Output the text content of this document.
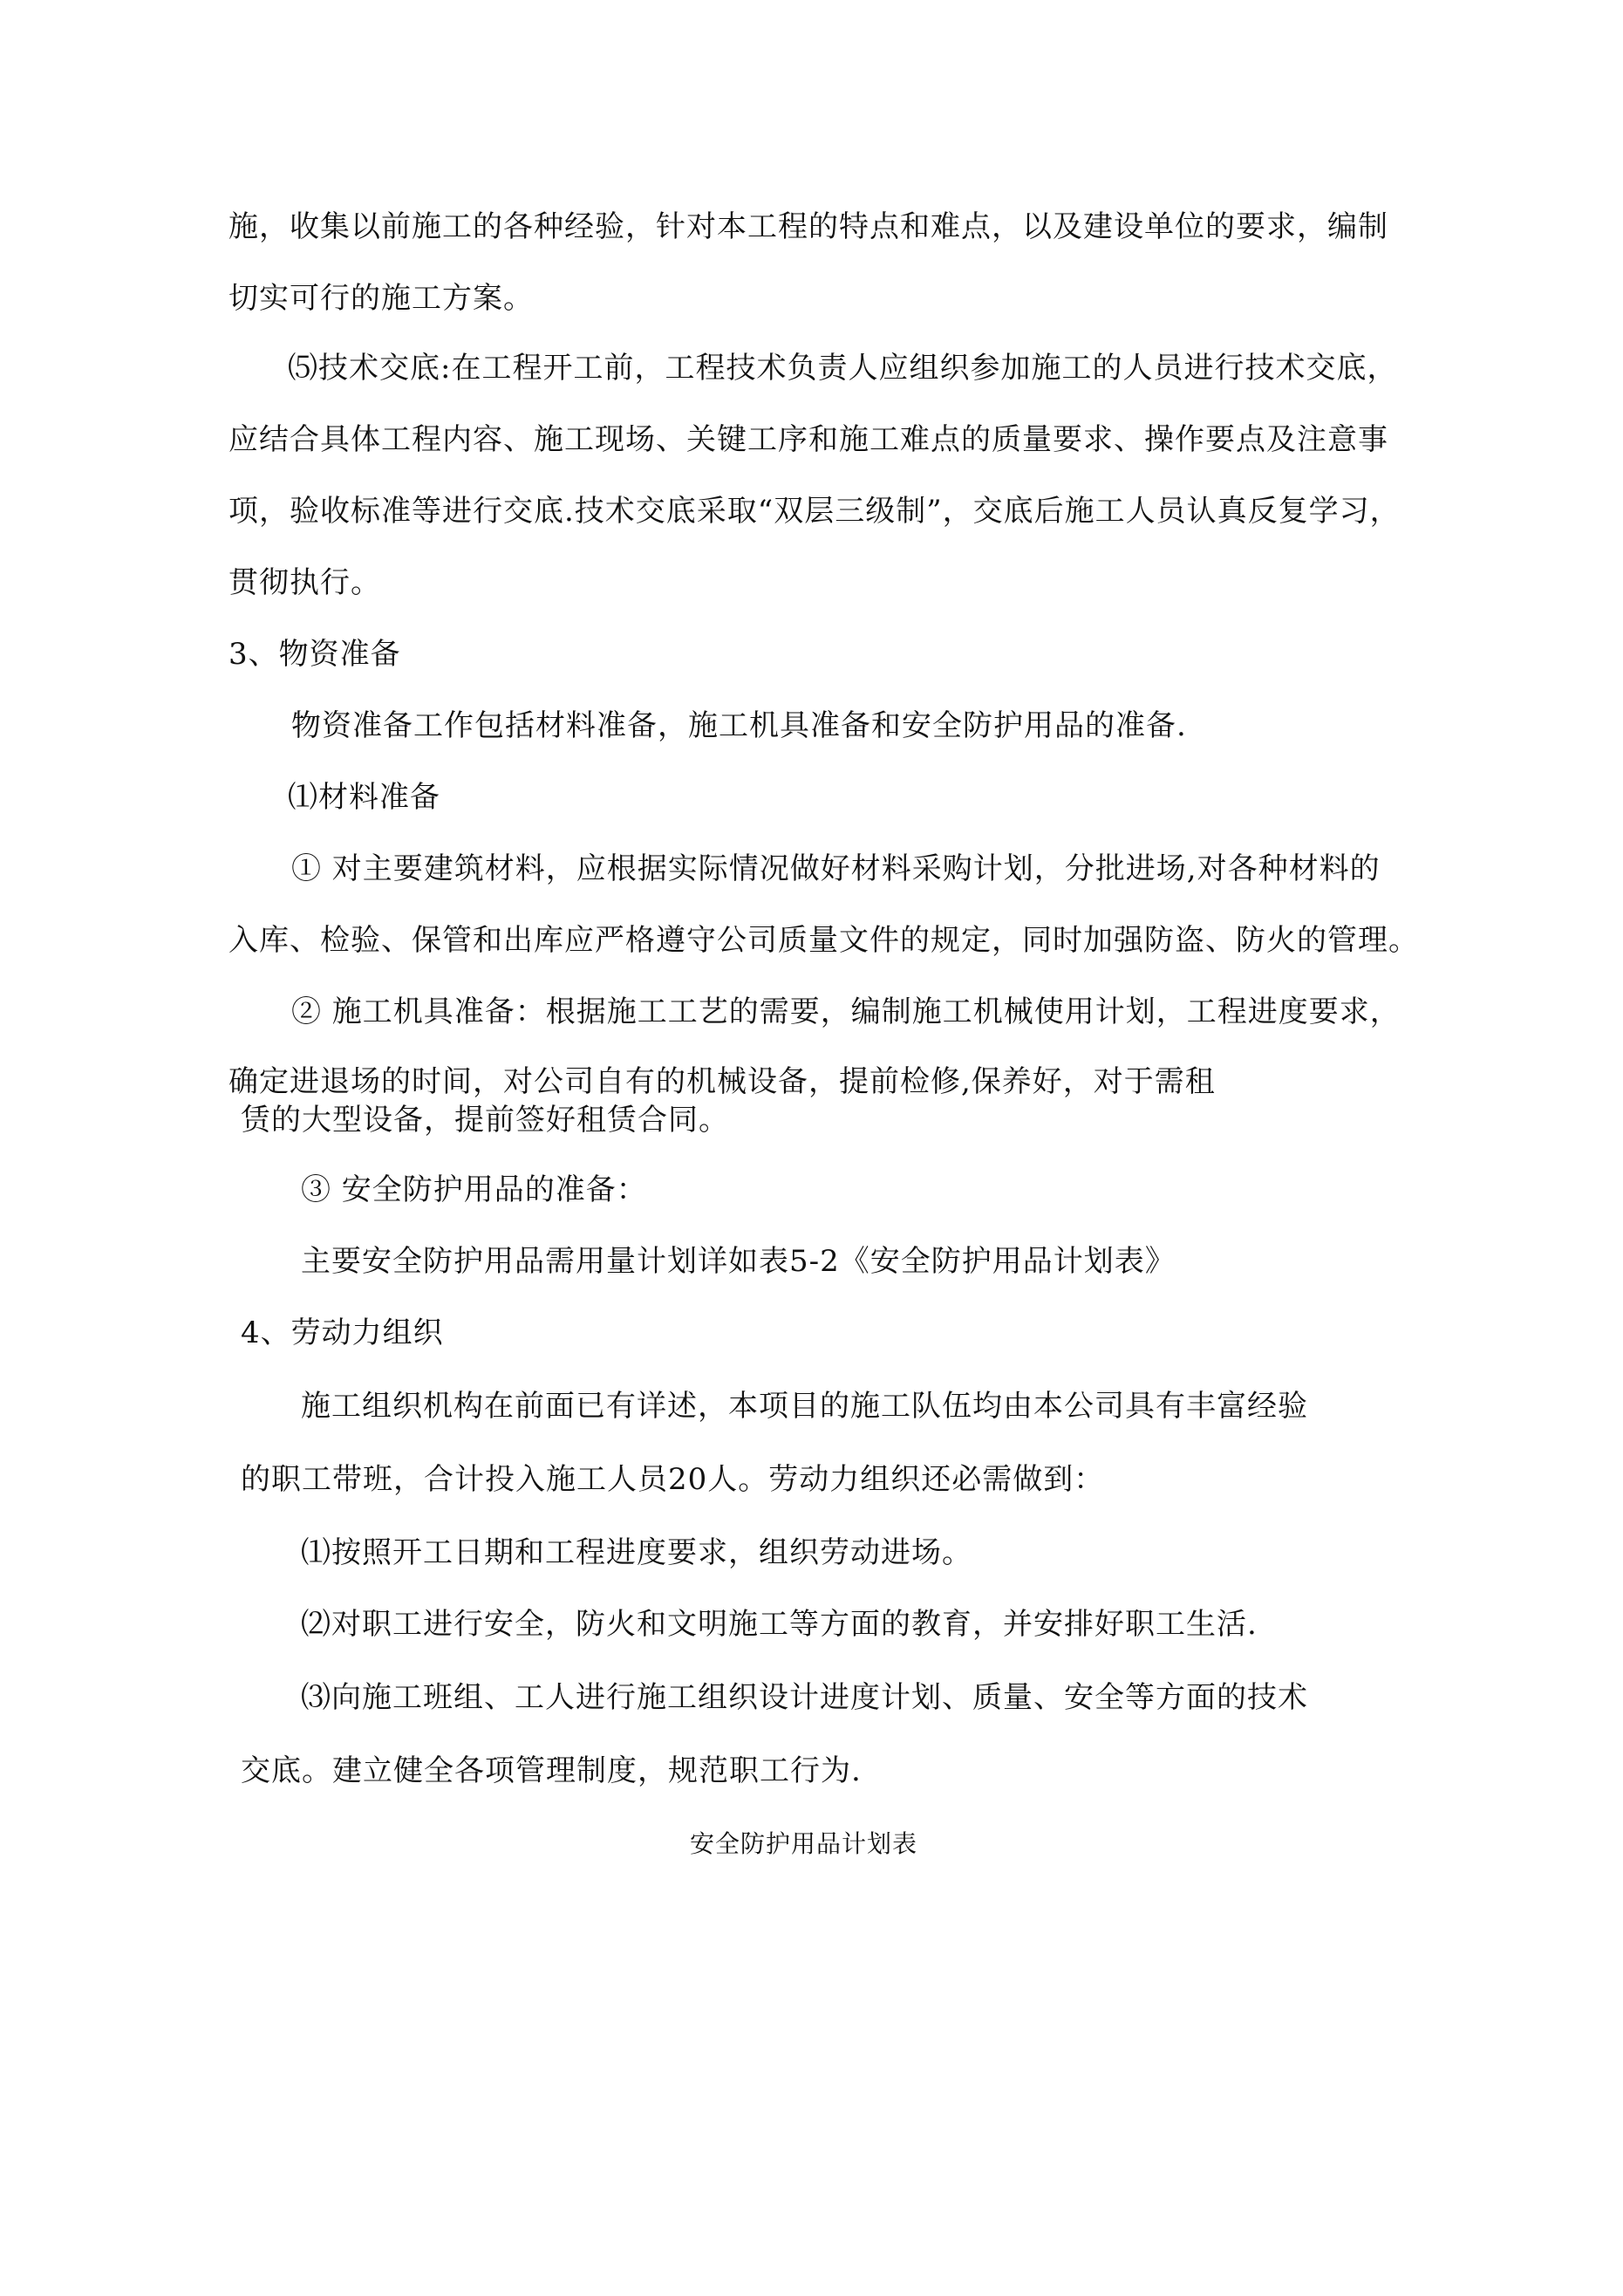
施，收集以前施工的各种经验，针对本工程的特点和难点，以及建设单位的要求，编制
切实可行的施工方案。
⑸技术交底:在工程开工前，工程技术负责人应组织参加施工的人员进行技术交底，
应结合具体工程内容、施工现场、关键工序和施工难点的质量要求、操作要点及注意事
项，验收标准等进行交底.技术交底采取“双层三级制”，交底后施工人员认真反复学习，
贯彻执行。
3、物资准备
物资准备工作包括材料准备，施工机具准备和安全防护用品的准备.
⑴材料准备
① 对主要建筑材料，应根据实际情况做好材料采购计划，分批进场,对各种材料的
入库、检验、保管和出库应严格遵守公司质量文件的规定，同时加强防盗、防火的管理。
② 施工机具准备：根据施工工艺的需要，编制施工机械使用计划，工程进度要求，
确定进退场的时间，对公司自有的机械设备，提前检修,保养好，对于需租
赁的大型设备，提前签好租赁合同。
③ 安全防护用品的准备：
主要安全防护用品需用量计划详如表5-2《安全防护用品计划表》
4、劳动力组织
施工组织机构在前面已有详述，本项目的施工队伍均由本公司具有丰富经验
的职工带班，合计投入施工人员20人。劳动力组织还必需做到：
⑴按照开工日期和工程进度要求，组织劳动进场。
⑵对职工进行安全，防火和文明施工等方面的教育，并安排好职工生活.
⑶向施工班组、工人进行施工组织设计进度计划、质量、安全等方面的技术
交底。建立健全各项管理制度，规范职工行为.
安全防护用品计划表
